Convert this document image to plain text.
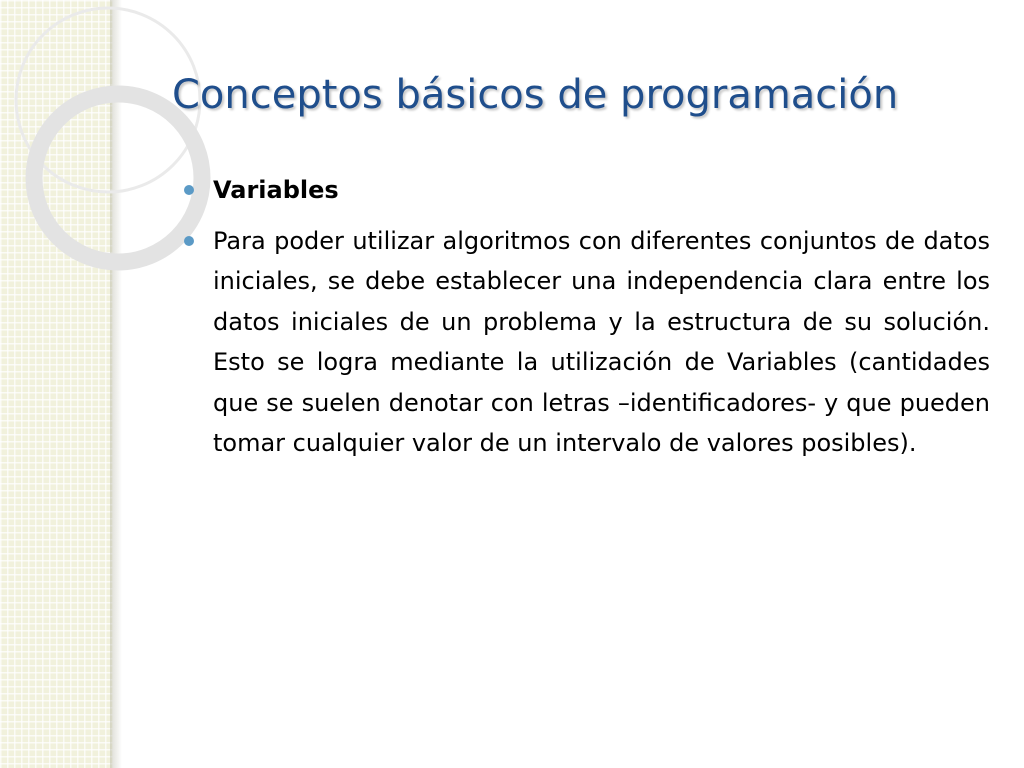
Conceptos básicos de programación
Variables
Para poder utilizar algoritmos con diferentes conjuntos de datos iniciales, se debe establecer una independencia clara entre los datos iniciales de un problema y la estructura de su solución. Esto se logra mediante la utilización de Variables (cantidades que se suelen denotar con letras –identificadores- y que pueden tomar cualquier valor de un intervalo de valores posibles).
